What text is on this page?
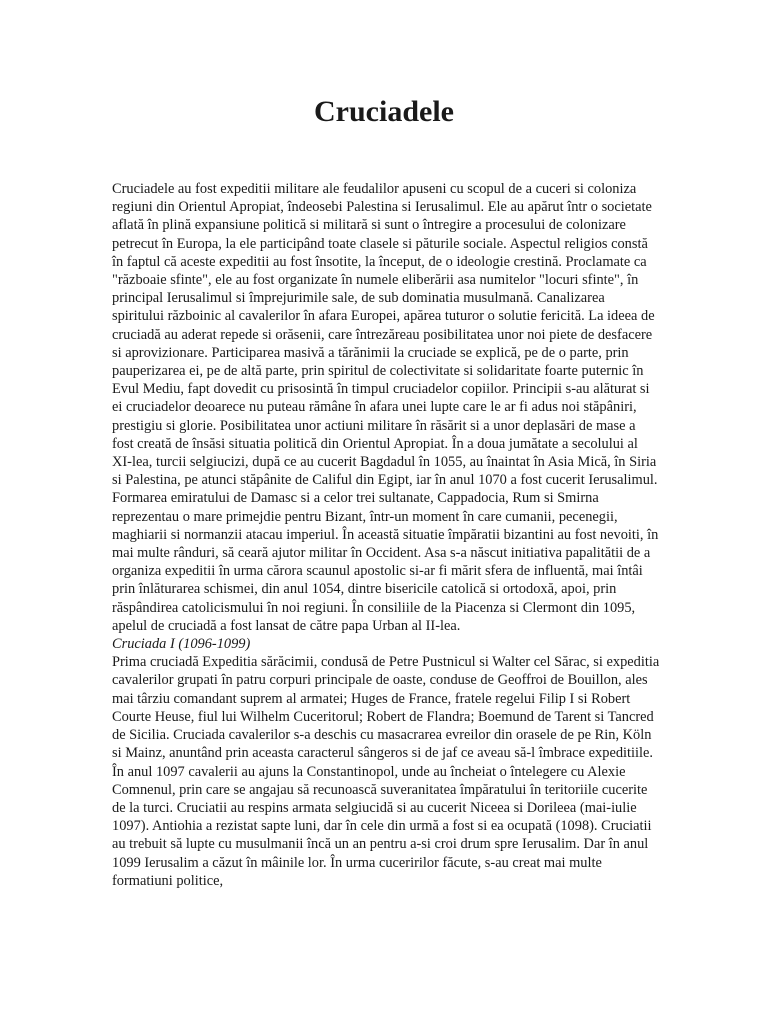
Cruciadele

Cruciadele au fost expeditii militare ale feudalilor apuseni cu scopul de a cuceri si coloniza regiuni din Orientul Apropiat, îndeosebi Palestina si Ierusalimul. Ele au apărut într o societate aflată în plină expansiune politică si militară si sunt o întregire a procesului de colonizare petrecut în Europa, la ele participând toate clasele si păturile sociale. Aspectul religios constă în faptul că aceste expeditii au fost însotite, la început, de o ideologie crestină. Proclamate ca "războaie sfinte", ele au fost organizate în numele eliberării asa numitelor "locuri sfinte", în principal Ierusalimul si împrejurimile sale, de sub dominatia musulmană. Canalizarea spiritului războinic al cavalerilor în afara Europei, apărea tuturor o solutie fericită. La ideea de cruciadă au aderat repede si orăsenii, care întrezăreau posibilitatea unor noi piete de desfacere si aprovizionare. Participarea masivă a tărănimii la cruciade se explică, pe de o parte, prin pauperizarea ei, pe de altă parte, prin spiritul de colectivitate si solidaritate foarte puternic în Evul Mediu, fapt dovedit cu prisosintă în timpul cruciadelor copiilor. Principii s-au alăturat si ei cruciadelor deoarece nu puteau rămâne în afara unei lupte care le ar fi adus noi stăpâniri, prestigiu si glorie. Posibilitatea unor actiuni militare în răsărit si a unor deplasări de mase a fost creată de însăsi situatia politică din Orientul Apropiat. În a doua jumătate a secolului al XI-lea, turcii selgiucizi, după ce au cucerit Bagdadul în 1055, au înaintat în Asia Mică, în Siria si Palestina, pe atunci stăpânite de Califul din Egipt, iar în anul 1070 a fost cucerit Ierusalimul. Formarea emiratului de Damasc si a celor trei sultanate, Cappadocia, Rum si Smirna reprezentau o mare primejdie pentru Bizant, într-un moment în care cumanii, pecenegii, maghiarii si normanzii atacau imperiul. În această situatie împăratii bizantini au fost nevoiti, în mai multe rânduri, să ceară ajutor militar în Occident. Asa s-a născut initiativa papalitătii de a organiza expeditii în urma cărora scaunul apostolic si-ar fi mărit sfera de influentă, mai întâi prin înlăturarea schismei, din anul 1054, dintre bisericile catolică si ortodoxă, apoi, prin răspândirea catolicismului în noi regiuni. În consiliile de la Piacenza si Clermont din 1095, apelul de cruciadă a fost lansat de către papa Urban al II-lea.

Cruciada I (1096-1099)

Prima cruciadă Expeditia sărăcimii, condusă de Petre Pustnicul si Walter cel Sărac, si expeditia cavalerilor grupati în patru corpuri principale de oaste, conduse de Geoffroi de Bouillon, ales mai târziu comandant suprem al armatei; Huges de France, fratele regelui Filip I si Robert Courte Heuse, fiul lui Wilhelm Cuceritorul; Robert de Flandra; Boemund de Tarent si Tancred de Sicilia. Cruciada cavalerilor s-a deschis cu masacrarea evreilor din orasele de pe Rin, Köln si Mainz, anuntând prin aceasta caracterul sângeros si de jaf ce aveau să-l îmbrace expeditiile. În anul 1097 cavalerii au ajuns la Constantinopol, unde au încheiat o întelegere cu Alexie Comnenul, prin care se angajau să recunoască suveranitatea împăratului în teritoriile cucerite de la turci. Cruciatii au respins armata selgiucidă si au cucerit Niceea si Dorileea (mai-iulie 1097). Antiohia a rezistat sapte luni, dar în cele din urmă a fost si ea ocupată (1098). Cruciatii au trebuit să lupte cu musulmanii încă un an pentru a-si croi drum spre Ierusalim. Dar în anul 1099 Ierusalim a căzut în mâinile lor. În urma cuceririlor făcute, s-au creat mai multe formatiuni politice,
